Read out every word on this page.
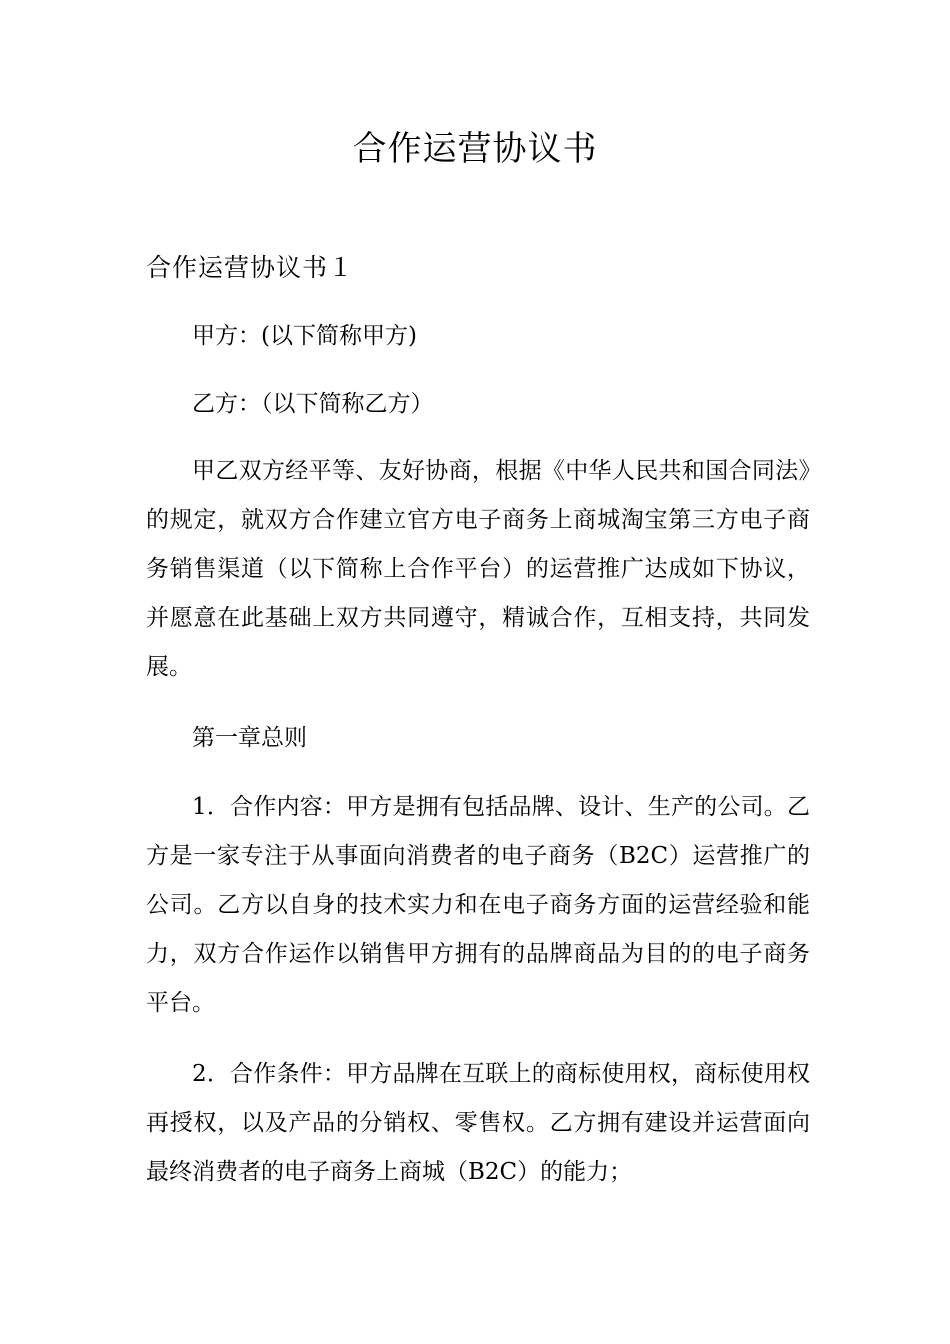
合作运营协议书
合作运营协议书１

甲方：(以下简称甲方)

乙方：（以下简称乙方）

甲乙双方经平等、友好协商，根据《中华人民共和国合同法》的规定，就双方合作建立官方电子商务上商城淘宝第三方电子商务销售渠道（以下简称上合作平台）的运营推广达成如下协议，并愿意在此基础上双方共同遵守，精诚合作，互相支持，共同发展。

第一章总则

1．合作内容：甲方是拥有包括品牌、设计、生产的公司。乙方是一家专注于从事面向消费者的电子商务（B2C）运营推广的公司。乙方以自身的技术实力和在电子商务方面的运营经验和能力，双方合作运作以销售甲方拥有的品牌商品为目的的电子商务平台。

2．合作条件：甲方品牌在互联上的商标使用权，商标使用权再授权，以及产品的分销权、零售权。乙方拥有建设并运营面向最终消费者的电子商务上商城（B2C）的能力；
